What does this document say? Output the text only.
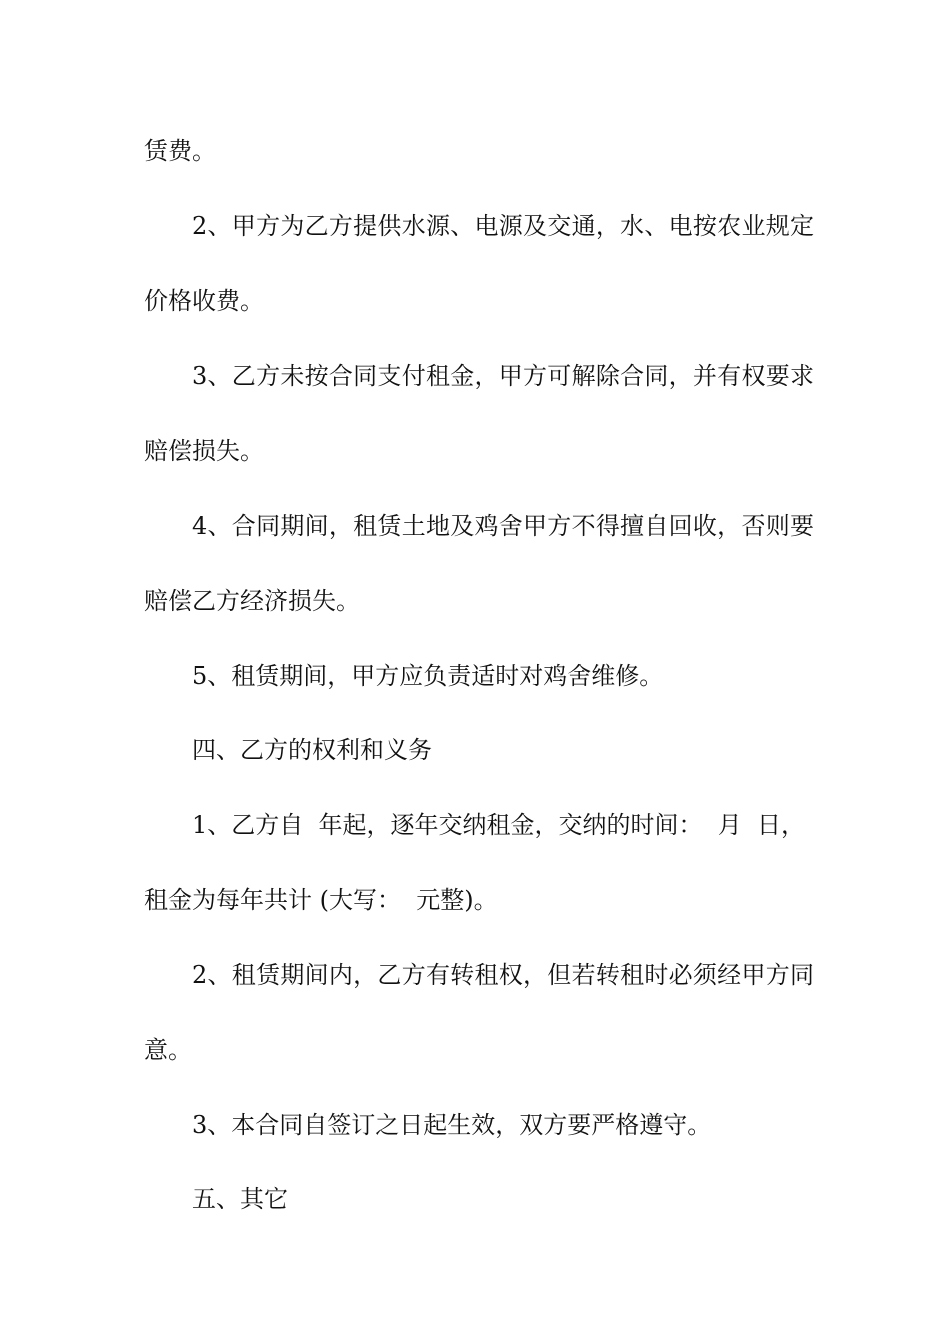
赁费。

2、甲方为乙方提供水源、电源及交通，水、电按农业规定

价格收费。

3、乙方未按合同支付租金，甲方可解除合同，并有权要求

赔偿损失。

4、合同期间，租赁土地及鸡舍甲方不得擅自回收，否则要

赔偿乙方经济损失。

5、租赁期间，甲方应负责适时对鸡舍维修。

四、乙方的权利和义务

1、乙方自  年起，逐年交纳租金，交纳的时间：  月  日，

租金为每年共计 (大写：  元整)。

2、租赁期间内，乙方有转租权，但若转租时必须经甲方同

意。

3、本合同自签订之日起生效，双方要严格遵守。

五、其它
